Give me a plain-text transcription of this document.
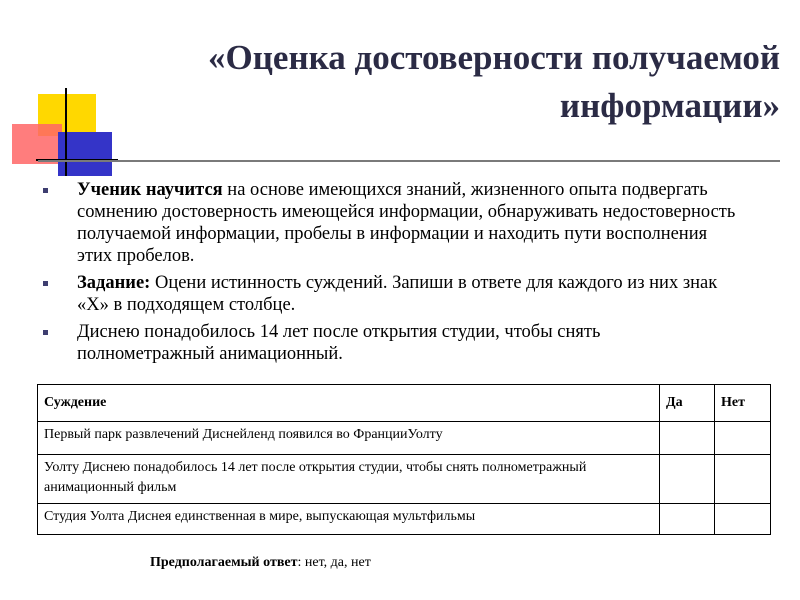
«Оценка достоверности получаемой
информации»
Ученик научится на основе имеющихся знаний, жизненного опыта подвергать сомнению достоверность имеющейся информации, обнаруживать недостоверность получаемой информации, пробелы в информации и находить пути восполнения этих пробелов.
Задание: Оцени истинность суждений. Запиши в ответе для каждого из них знак «Х» в подходящем столбце.
Диснею понадобилось 14 лет после открытия студии, чтобы снять полнометражный анимационный.
Суждение	Да	Нет
Первый парк развлечений Диснейленд появился во ФранцииУолту		
Уолту Диснею понадобилось 14 лет после открытия студии, чтобы снять полнометражный анимационный фильм		
Студия Уолта Диснея единственная в мире, выпускающая мультфильмы		
Предполагаемый ответ: нет, да, нет
